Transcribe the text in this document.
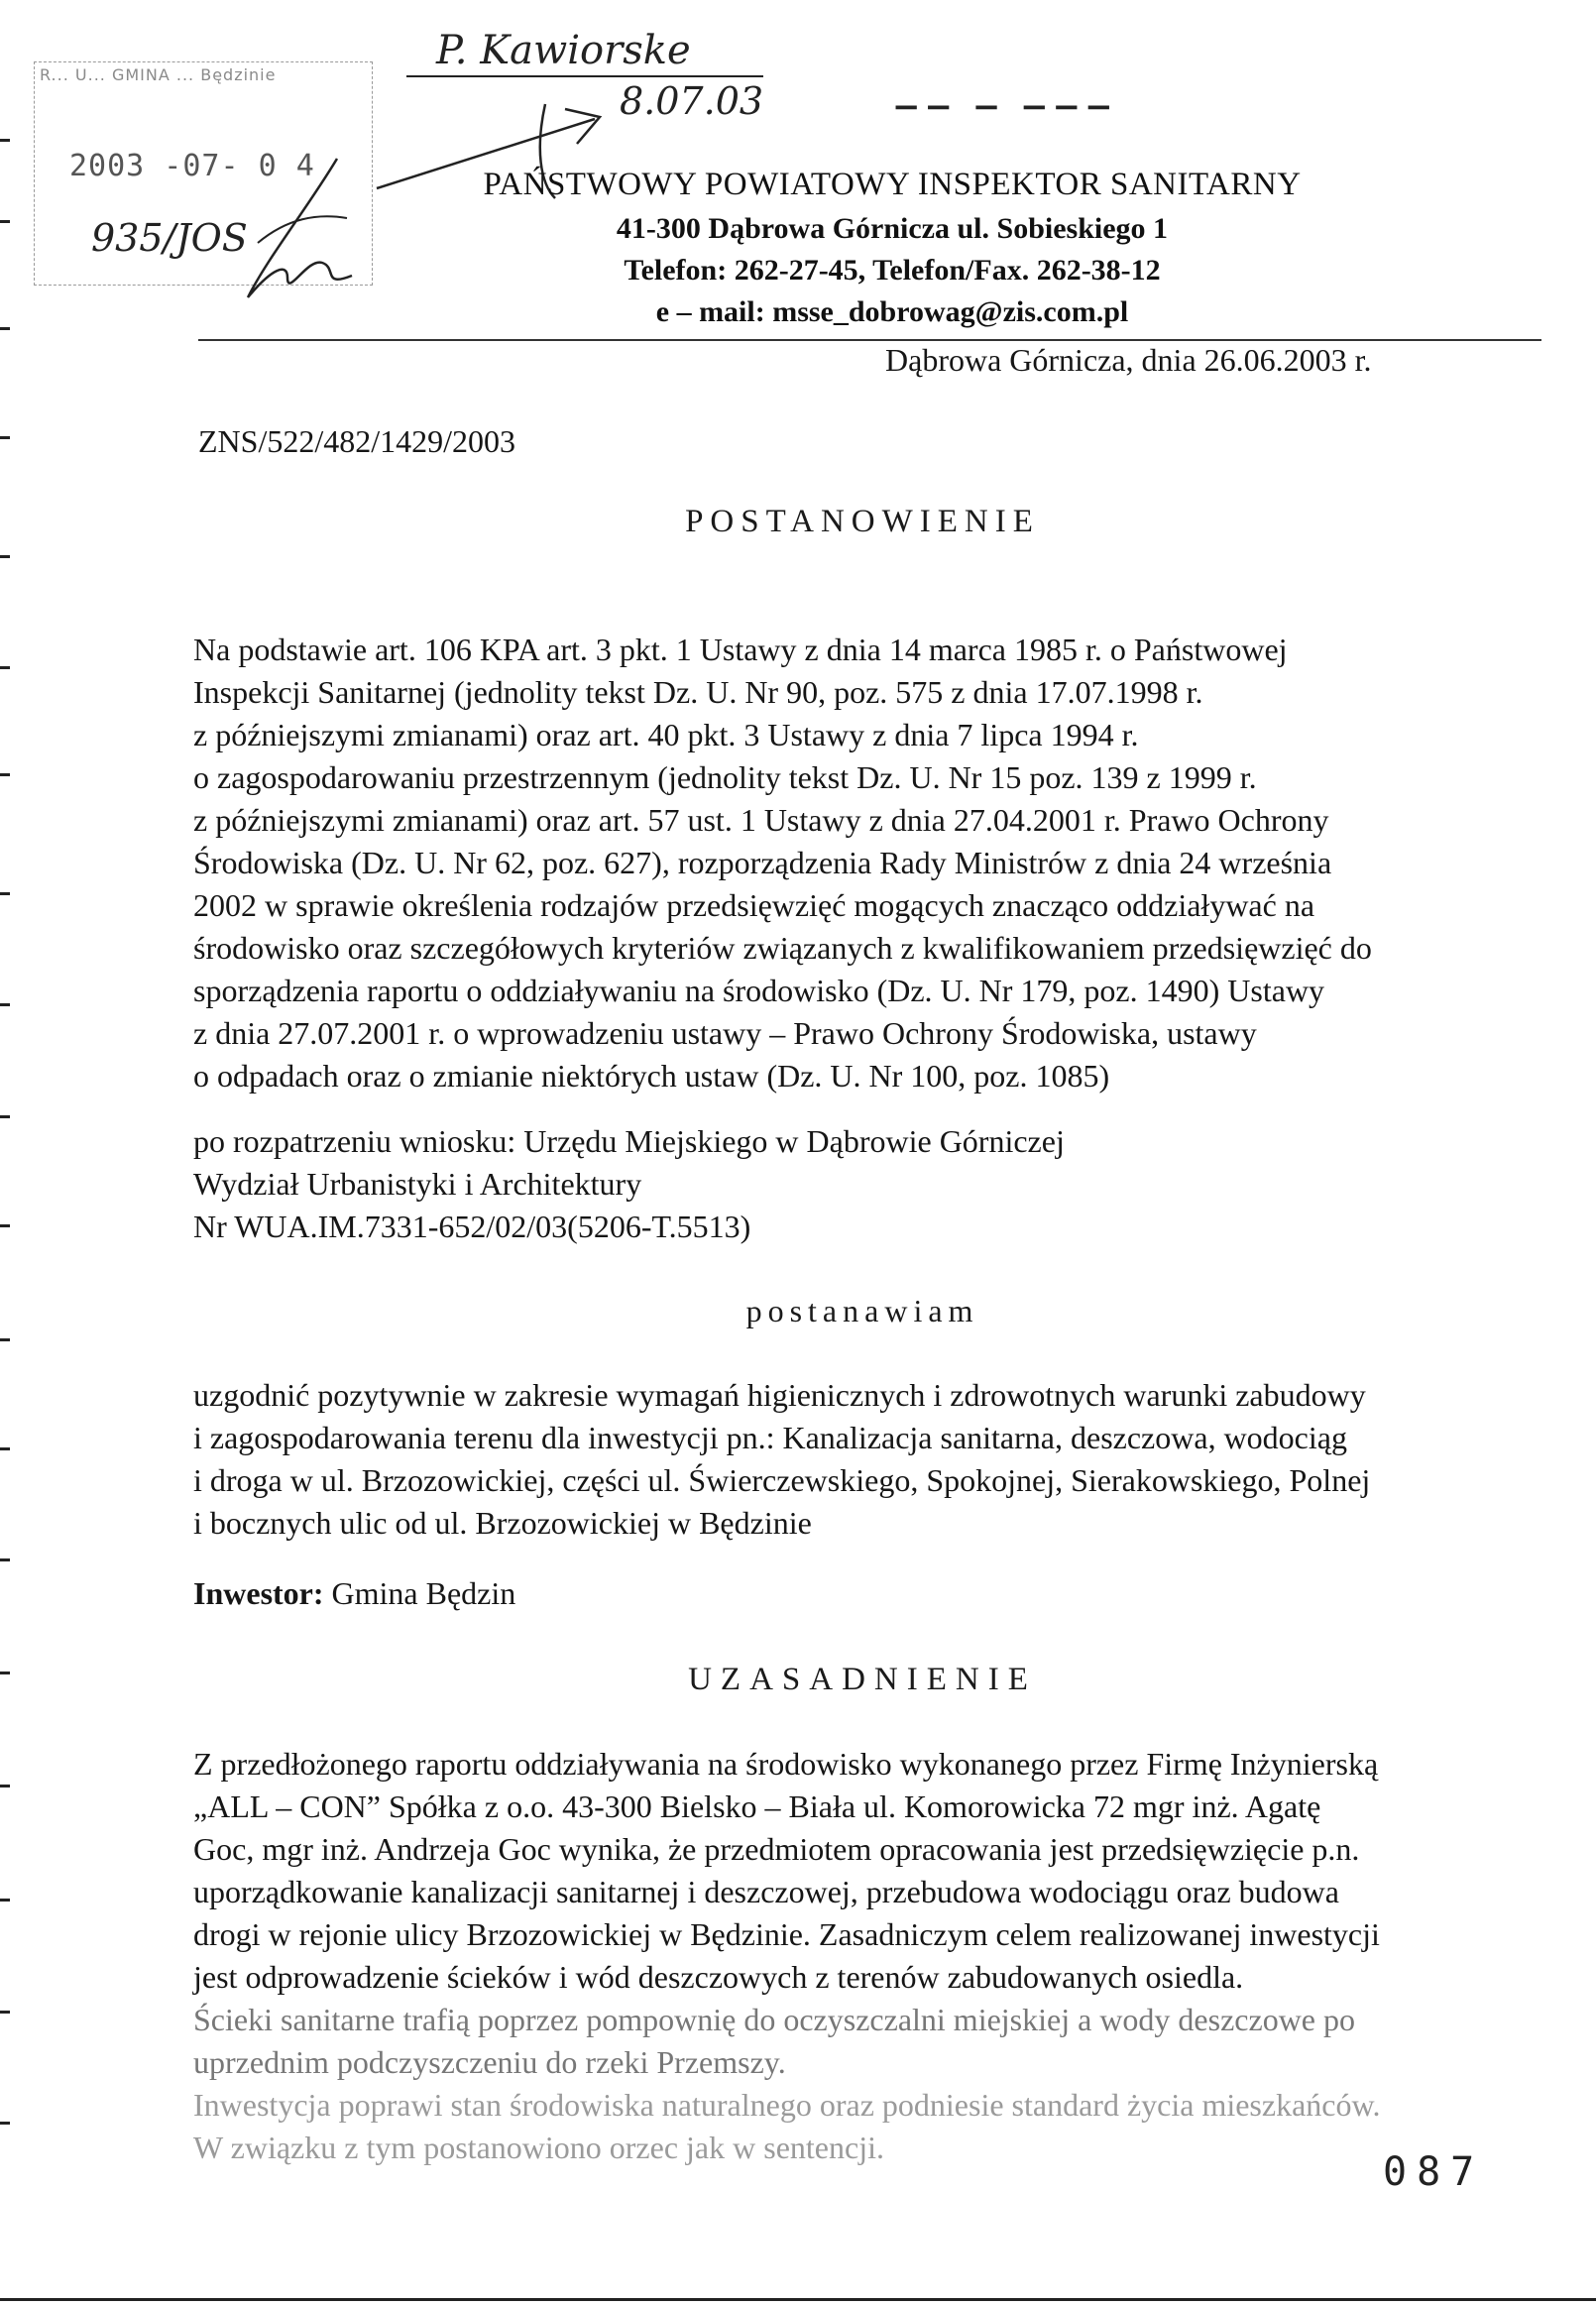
P. Kawiorske
8.07.03	−− − −−−
R... U... GMINA ... Będzinie
2003 -07- 0 4
935/JOS
PAŃSTWOWY POWIATOWY INSPEKTOR SANITARNY
41-300 Dąbrowa Górnicza ul. Sobieskiego 1
Telefon: 262-27-45, Telefon/Fax. 262-38-12
e – mail: msse_dobrowag@zis.com.pl
Dąbrowa Górnicza, dnia 26.06.2003 r.
ZNS/522/482/1429/2003
POSTANOWIENIE
Na podstawie art. 106 KPA art. 3 pkt. 1 Ustawy z dnia 14 marca 1985 r. o Państwowej
Inspekcji Sanitarnej (jednolity tekst Dz. U. Nr 90, poz. 575 z dnia 17.07.1998 r.
z późniejszymi zmianami) oraz art. 40 pkt. 3 Ustawy z dnia 7 lipca 1994 r.
o zagospodarowaniu przestrzennym (jednolity tekst Dz. U. Nr 15 poz. 139 z 1999 r.
z późniejszymi zmianami) oraz art. 57 ust. 1 Ustawy z dnia 27.04.2001 r. Prawo Ochrony
Środowiska (Dz. U. Nr 62, poz. 627), rozporządzenia Rady Ministrów z dnia 24 września
2002 w sprawie określenia rodzajów przedsięwzięć mogących znacząco oddziaływać na
środowisko oraz szczegółowych kryteriów związanych z kwalifikowaniem przedsięwzięć do
sporządzenia raportu o oddziaływaniu na środowisko (Dz. U. Nr 179, poz. 1490) Ustawy
z dnia 27.07.2001 r. o wprowadzeniu ustawy – Prawo Ochrony Środowiska, ustawy
o odpadach oraz o zmianie niektórych ustaw (Dz. U. Nr 100, poz. 1085)
po rozpatrzeniu wniosku: Urzędu Miejskiego w Dąbrowie Górniczej
Wydział Urbanistyki i Architektury
Nr WUA.IM.7331-652/02/03(5206-T.5513)
postanawiam
uzgodnić pozytywnie w zakresie wymagań higienicznych i zdrowotnych warunki zabudowy
i zagospodarowania terenu dla inwestycji pn.: Kanalizacja sanitarna, deszczowa, wodociąg
i droga w ul. Brzozowickiej, części ul. Świerczewskiego, Spokojnej, Sierakowskiego, Polnej
i bocznych ulic od ul. Brzozowickiej w Będzinie
Inwestor: Gmina Będzin
UZASADNIENIE
Z przedłożonego raportu oddziaływania na środowisko wykonanego przez Firmę Inżynierską
„ALL – CON” Spółka z o.o. 43-300 Bielsko – Biała ul. Komorowicka 72 mgr inż. Agatę
Goc, mgr inż. Andrzeja Goc wynika, że przedmiotem opracowania jest przedsięwzięcie p.n.
uporządkowanie kanalizacji sanitarnej i deszczowej, przebudowa wodociągu oraz budowa
drogi w rejonie ulicy Brzozowickiej w Będzinie. Zasadniczym celem realizowanej inwestycji
jest odprowadzenie ścieków i wód deszczowych z terenów zabudowanych osiedla.
Ścieki sanitarne trafią poprzez pompownię do oczyszczalni miejskiej a wody deszczowe po
uprzednim podczyszczeniu do rzeki Przemszy.
Inwestycja poprawi stan środowiska naturalnego oraz podniesie standard życia mieszkańców.
W związku z tym postanowiono orzec jak w sentencji.
087
